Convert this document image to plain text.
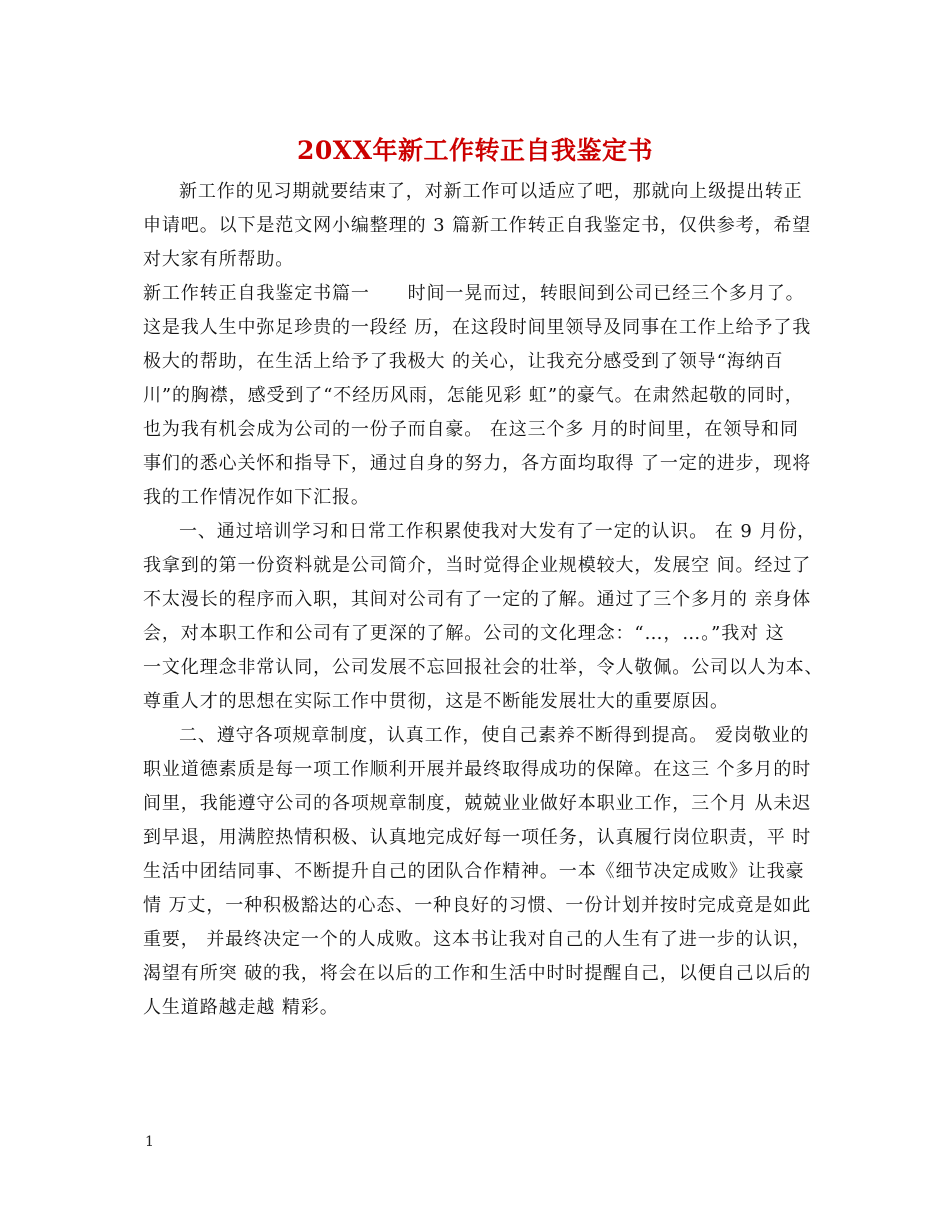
20XX年新工作转正自我鉴定书
新工作的见习期就要结束了，对新工作可以适应了吧，那就向上级提出转正
申请吧。以下是范文网小编整理的 3 篇新工作转正自我鉴定书，仅供参考，希望
对大家有所帮助。
新工作转正自我鉴定书篇一　　时间一晃而过，转眼间到公司已经三个多月了。
这是我人生中弥足珍贵的一段经 历，在这段时间里领导及同事在工作上给予了我
极大的帮助，在生活上给予了我极大 的关心，让我充分感受到了领导“海纳百
川”的胸襟，感受到了“不经历风雨，怎能见彩 虹”的豪气。在肃然起敬的同时，
也为我有机会成为公司的一份子而自豪。 在这三个多 月的时间里，在领导和同
事们的悉心关怀和指导下，通过自身的努力，各方面均取得 了一定的进步，现将
我的工作情况作如下汇报。
一、通过培训学习和日常工作积累使我对大发有了一定的认识。 在 9 月份，
我拿到的第一份资料就是公司简介，当时觉得企业规模较大，发展空 间。经过了
不太漫长的程序而入职，其间对公司有了一定的了解。通过了三个多月的 亲身体
会，对本职工作和公司有了更深的了解。公司的文化理念：“…，…。”我对 这
一文化理念非常认同，公司发展不忘回报社会的壮举，令人敬佩。公司以人为本、
尊重人才的思想在实际工作中贯彻，这是不断能发展壮大的重要原因。
二、遵守各项规章制度，认真工作，使自己素养不断得到提高。 爱岗敬业的
职业道德素质是每一项工作顺利开展并最终取得成功的保障。在这三 个多月的时
间里，我能遵守公司的各项规章制度，兢兢业业做好本职业工作，三个月 从未迟
到早退，用满腔热情积极、认真地完成好每一项任务，认真履行岗位职责，平 时
生活中团结同事、不断提升自己的团队合作精神。一本《细节决定成败》让我豪
情 万丈，一种积极豁达的心态、一种良好的习惯、一份计划并按时完成竟是如此
重要， 并最终决定一个的人成败。这本书让我对自己的人生有了进一步的认识，
渴望有所突 破的我，将会在以后的工作和生活中时时提醒自己，以便自己以后的
人生道路越走越 精彩。
1
